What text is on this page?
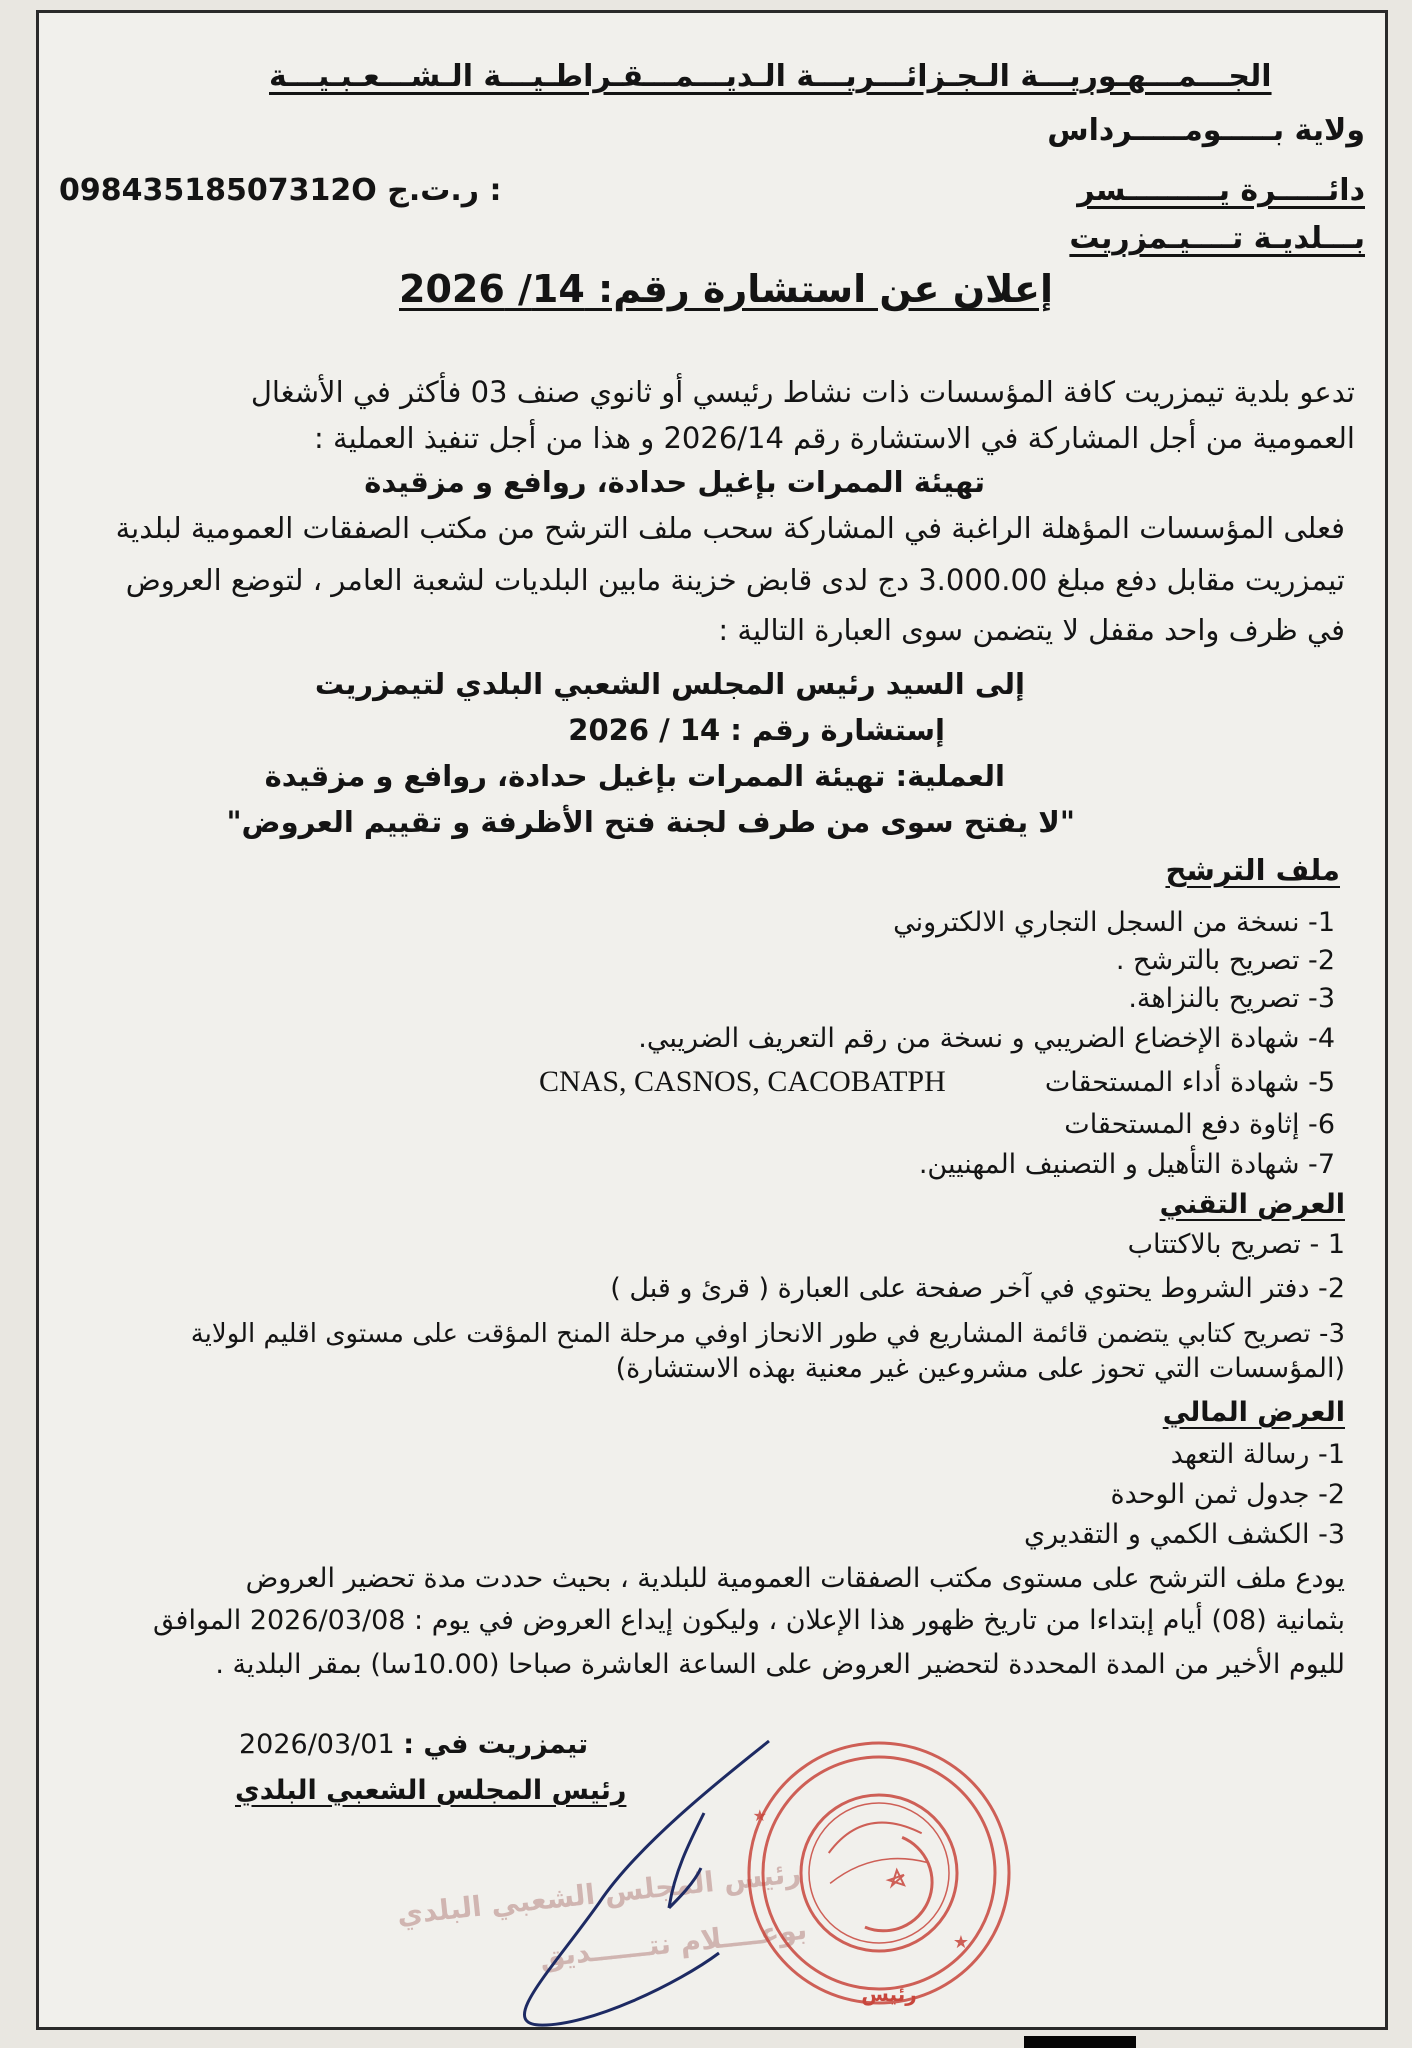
الجـــمـــهـوريـــة الـجـزائـــريـــة الـديـــمـــقـراطـيـــة الـشـــعـبـيـــة
ولاية بـــــومـــــرداس
دائـــــرة يـــــــــسر
بـــلديـة تــــيـمزريت
09843518507312O ر.ت.ج :
إعلان عن استشارة رقم: 14/ 2026
تدعو بلدية تيمزريت كافة المؤسسات ذات نشاط رئيسي أو ثانوي صنف 03 فأكثر في الأشغال
العمومية من أجل المشاركة في الاستشارة رقم 2026/14 و هذا من أجل تنفيذ العملية :
تهيئة الممرات بإغيل حدادة، روافع و مزقيدة
فعلى المؤسسات المؤهلة الراغبة في المشاركة سحب ملف الترشح من مكتب الصفقات العمومية لبلدية
تيمزريت مقابل دفع مبلغ 3.000.00 دج لدى قابض خزينة مابين البلديات لشعبة العامر ، لتوضع العروض
في ظرف واحد مقفل لا يتضمن سوى العبارة التالية :
إلى السيد رئيس المجلس الشعبي البلدي لتيمزريت
إستشارة رقم : 14 / 2026
العملية: تهيئة الممرات بإغيل حدادة، روافع و مزقيدة
"لا يفتح سوى من طرف لجنة فتح الأظرفة و تقييم العروض"
ملف الترشح
1- نسخة من السجل التجاري الالكتروني
2- تصريح بالترشح .
3- تصريح بالنزاهة.
4- شهادة الإخضاع الضريبي و نسخة من رقم التعريف الضريبي.
5- شهادة أداء المستحقات
CNAS, CASNOS, CACOBATPH
6- إثاوة دفع المستحقات
7- شهادة التأهيل و التصنيف المهنيين.
العرض التقني
1 - تصريح بالاكتتاب
2- دفتر الشروط يحتوي في آخر صفحة على العبارة ( قرئ و قبل )
3- تصريح كتابي يتضمن قائمة المشاريع في طور الانحاز اوفي مرحلة المنح المؤقت على مستوى اقليم الولاية
(المؤسسات التي تحوز على مشروعين غير معنية بهذه الاستشارة)
العرض المالي
1- رسالة التعهد
2- جدول ثمن الوحدة
3- الكشف الكمي و التقديري
يودع ملف الترشح على مستوى مكتب الصفقات العمومية للبلدية ، بحيث حددت مدة تحضير العروض
بثمانية (08) أيام إبتداءا من تاريخ ظهور هذا الإعلان ، وليكون إيداع العروض في يوم : 2026/03/08 الموافق
لليوم الأخير من المدة المحددة لتحضير العروض على الساعة العاشرة صباحا (10.00سا) بمقر البلدية .
تيمزريت في : 2026/03/01
رئيس المجلس الشعبي البلدي
رئيس المجلس الشعبي البلدي
بوعــــلام نتــــــديق	★
★
رئيس
